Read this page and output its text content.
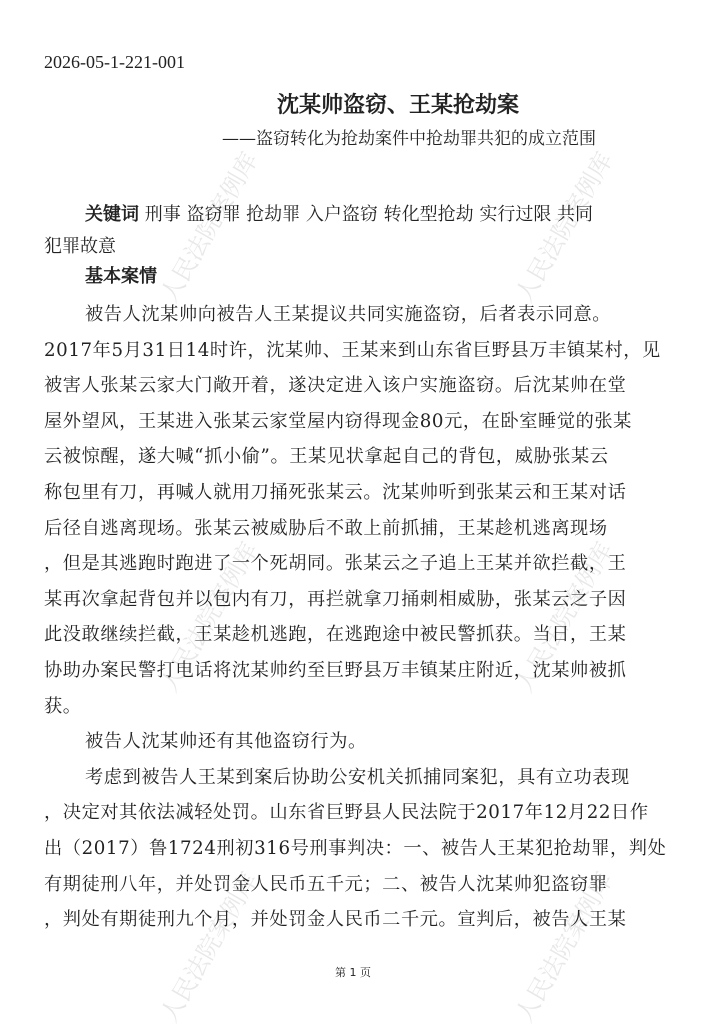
人民法院案例库	人民法院案例库
人民法院案例库	人民法院案例库
人民法院案例库	人民法院案例库
2026-05-1-221-001
沈某帅盗窃、王某抢劫案
——盗窃转化为抢劫案件中抢劫罪共犯的成立范围
关键词 刑事 盗窃罪 抢劫罪 入户盗窃 转化型抢劫 实行过限 共同
犯罪故意
基本案情
被告人沈某帅向被告人王某提议共同实施盗窃，后者表示同意。
2017年5月31日14时许，沈某帅、王某来到山东省巨野县万丰镇某村，见
被害人张某云家大门敞开着，遂决定进入该户实施盗窃。后沈某帅在堂
屋外望风，王某进入张某云家堂屋内窃得现金80元，在卧室睡觉的张某
云被惊醒，遂大喊“抓小偷”。王某见状拿起自己的背包，威胁张某云
称包里有刀，再喊人就用刀捅死张某云。沈某帅听到张某云和王某对话
后径自逃离现场。张某云被威胁后不敢上前抓捕，王某趁机逃离现场
，但是其逃跑时跑进了一个死胡同。张某云之子追上王某并欲拦截，王
某再次拿起背包并以包内有刀，再拦就拿刀捅刺相威胁，张某云之子因
此没敢继续拦截，王某趁机逃跑，在逃跑途中被民警抓获。当日，王某
协助办案民警打电话将沈某帅约至巨野县万丰镇某庄附近，沈某帅被抓
获。
被告人沈某帅还有其他盗窃行为。
考虑到被告人王某到案后协助公安机关抓捕同案犯，具有立功表现
，决定对其依法减轻处罚。山东省巨野县人民法院于2017年12月22日作
出（2017）鲁1724刑初316号刑事判决：一、被告人王某犯抢劫罪，判处
有期徒刑八年，并处罚金人民币五千元；二、被告人沈某帅犯盗窃罪
，判处有期徒刑九个月，并处罚金人民币二千元。宣判后，被告人王某
第 1 页
